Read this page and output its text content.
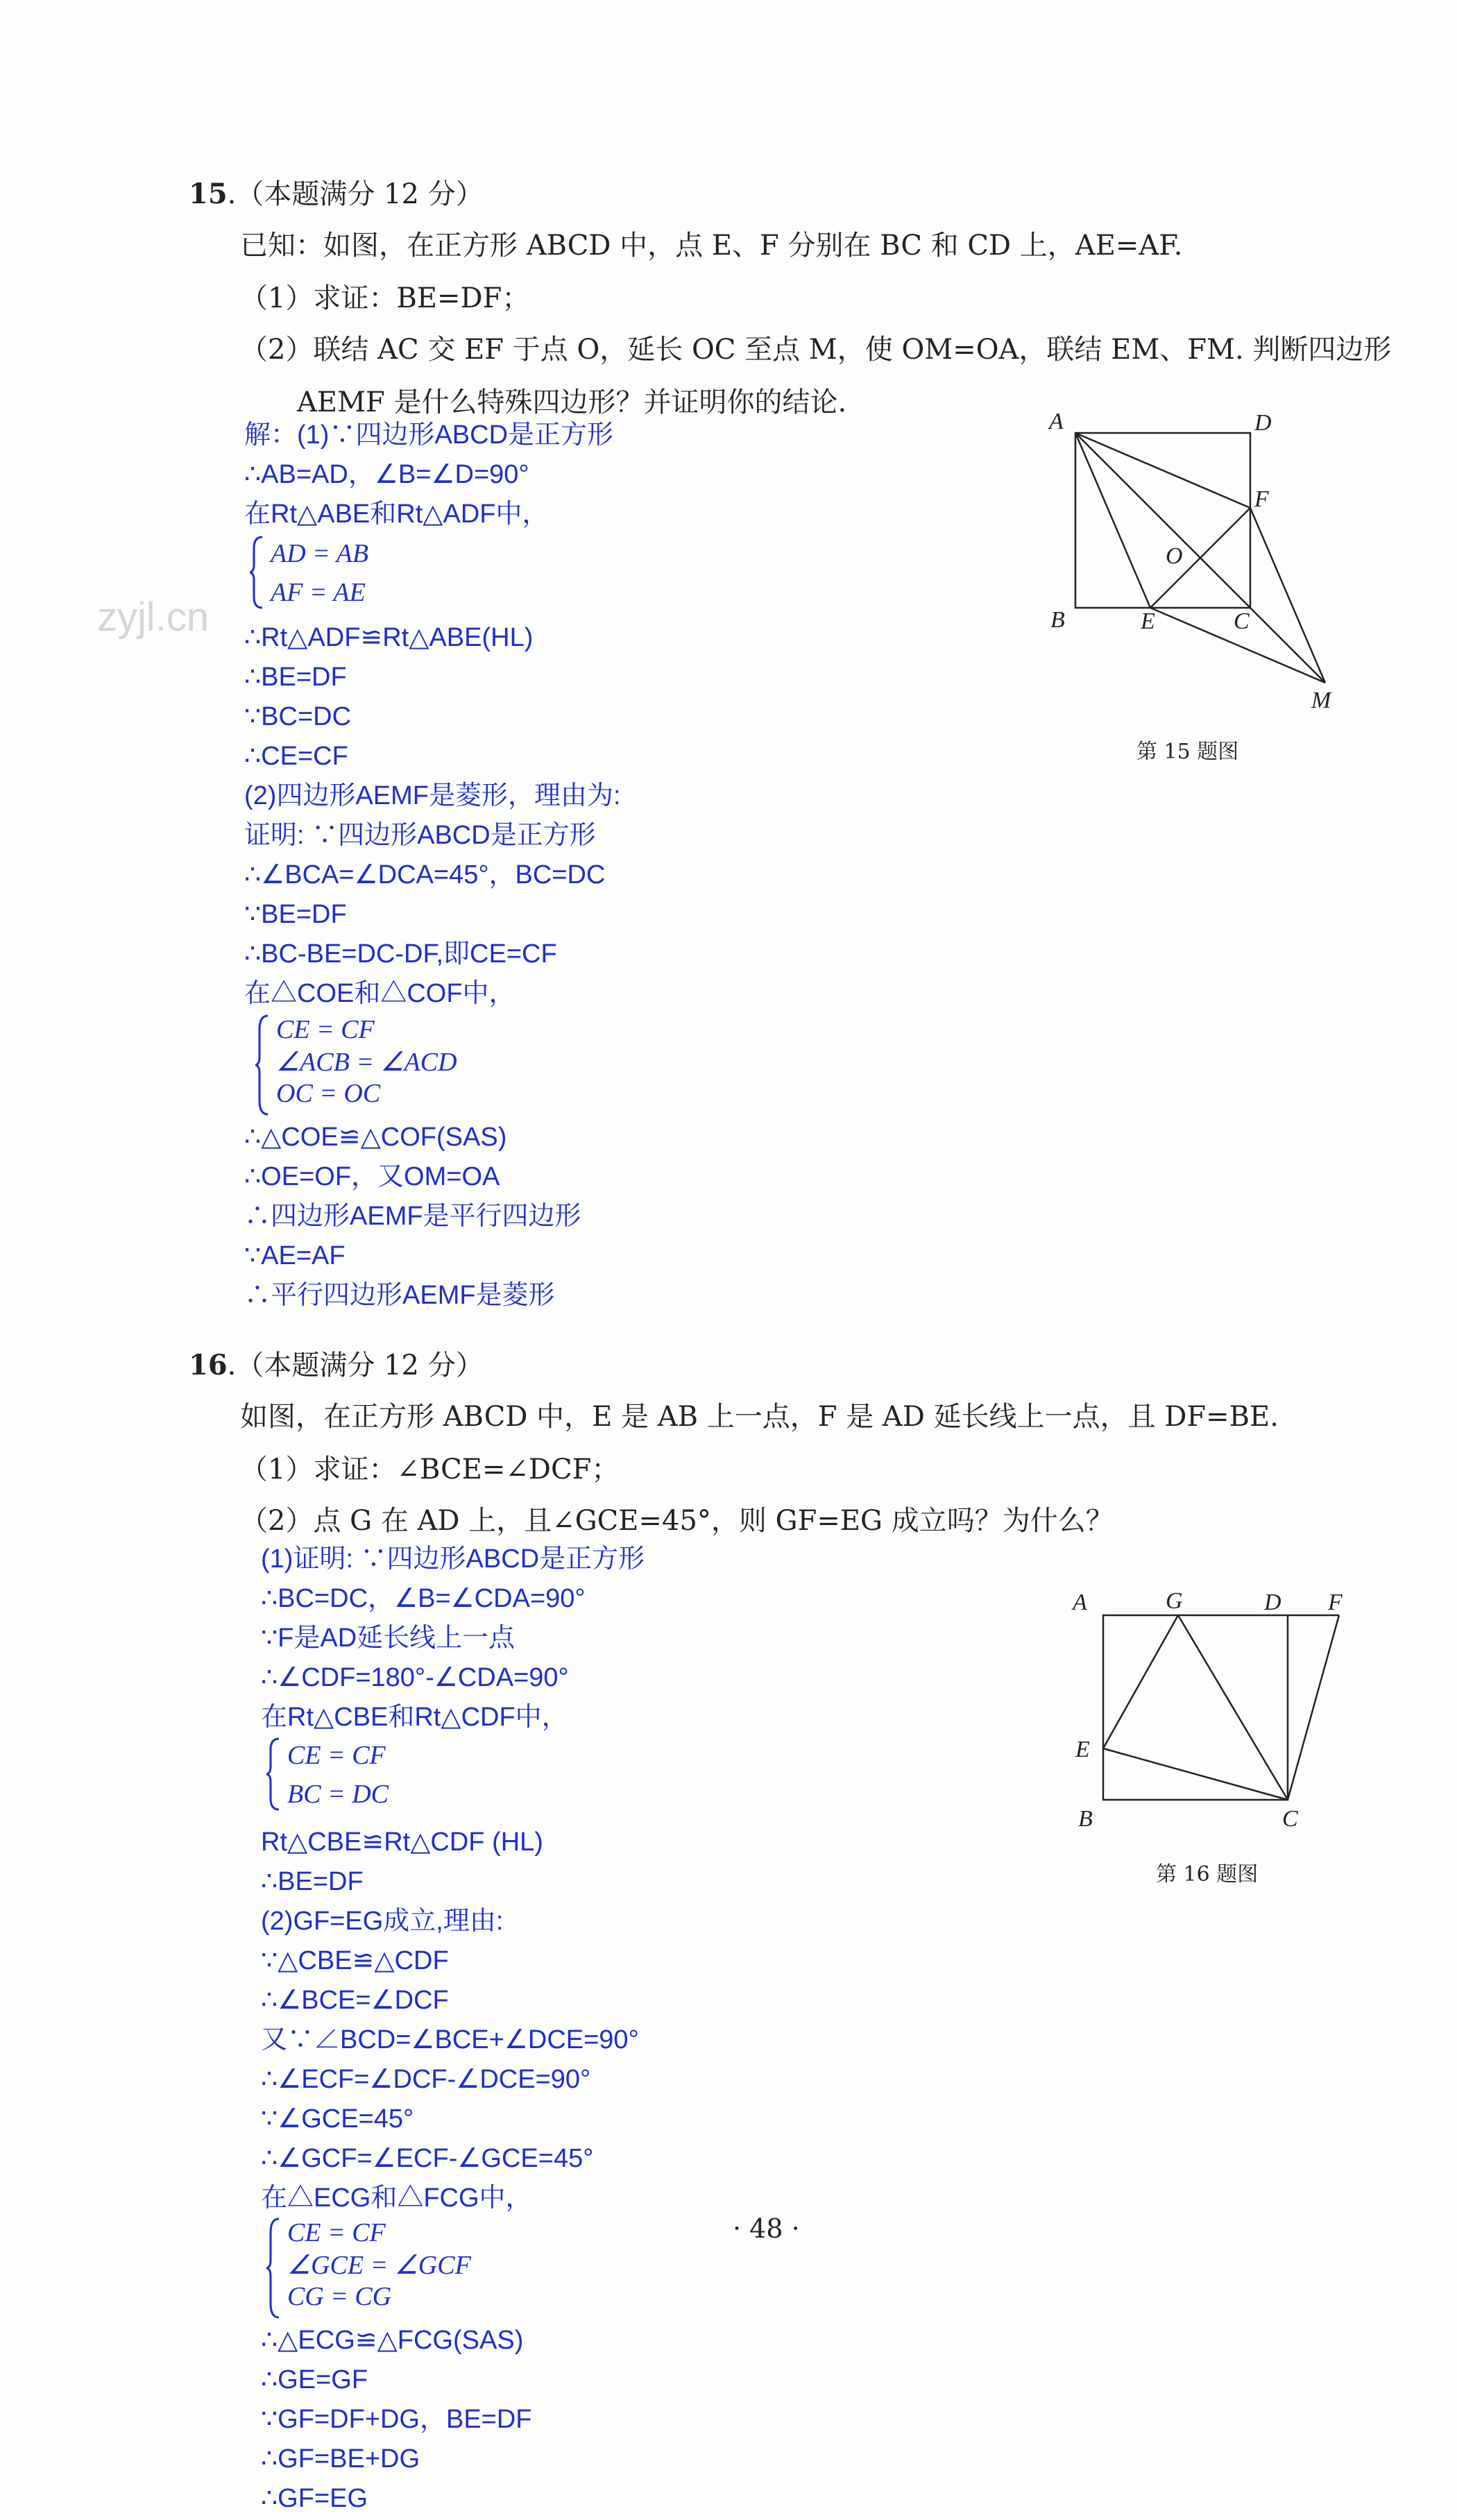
zyjl.cn
15.（本题满分 12 分）
已知：如图，在正方形 ABCD 中，点 E、F 分别在 BC 和 CD 上，AE=AF.
（1）求证：BE=DF；
（2）联结 AC 交 EF 于点 O，延长 OC 至点 M，使 OM=OA，联结 EM、FM. 判断四边形
AEMF 是什么特殊四边形？并证明你的结论.
解：(1)∵四边形ABCD是正方形
∴AB=AD，∠B=∠D=90°
在Rt△ABE和Rt△ADF中，
AD = AB
AF = AE
∴Rt△ADF≌Rt△ABE(HL)
∴BE=DF
∵BC=DC
∴CE=CF
(2)四边形AEMF是菱形，理由为:
证明: ∵四边形ABCD是正方形
∴∠BCA=∠DCA=45°，BC=DC
∵BE=DF
∴BC-BE=DC-DF,即CE=CF
在△COE和△COF中，
CE = CF
∠ACB = ∠ACD
OC = OC
∴△COE≌△COF(SAS)
∴OE=OF，又OM=OA
∴四边形AEMF是平行四边形
∵AE=AF
∴平行四边形AEMF是菱形
A	D
B	E	C
F
O
M
第 15 题图
16.（本题满分 12 分）
如图，在正方形 ABCD 中，E 是 AB 上一点，F 是 AD 延长线上一点，且 DF=BE.
（1）求证：∠BCE=∠DCF；
（2）点 G 在 AD 上，且∠GCE=45°，则 GF=EG 成立吗？为什么？
(1)证明: ∵四边形ABCD是正方形
∴BC=DC，∠B=∠CDA=90°
∵F是AD延长线上一点
∴∠CDF=180°-∠CDA=90°
在Rt△CBE和Rt△CDF中，
CE = CF
BC = DC
Rt△CBE≌Rt△CDF (HL)
∴BE=DF
(2)GF=EG成立,理由:
∵△CBE≌△CDF
∴∠BCE=∠DCF
又∵∠BCD=∠BCE+∠DCE=90°
∴∠ECF=∠DCF-∠DCE=90°
∵∠GCE=45°
∴∠GCF=∠ECF-∠GCE=45°
在△ECG和△FCG中，
CE = CF
∠GCE = ∠GCF
CG = CG
∴△ECG≌△FCG(SAS)
∴GE=GF
∵GF=DF+DG，BE=DF
∴GF=BE+DG
∴GF=EG
A	G	D F
E
B	C
第 16 题图
· 48 ·
